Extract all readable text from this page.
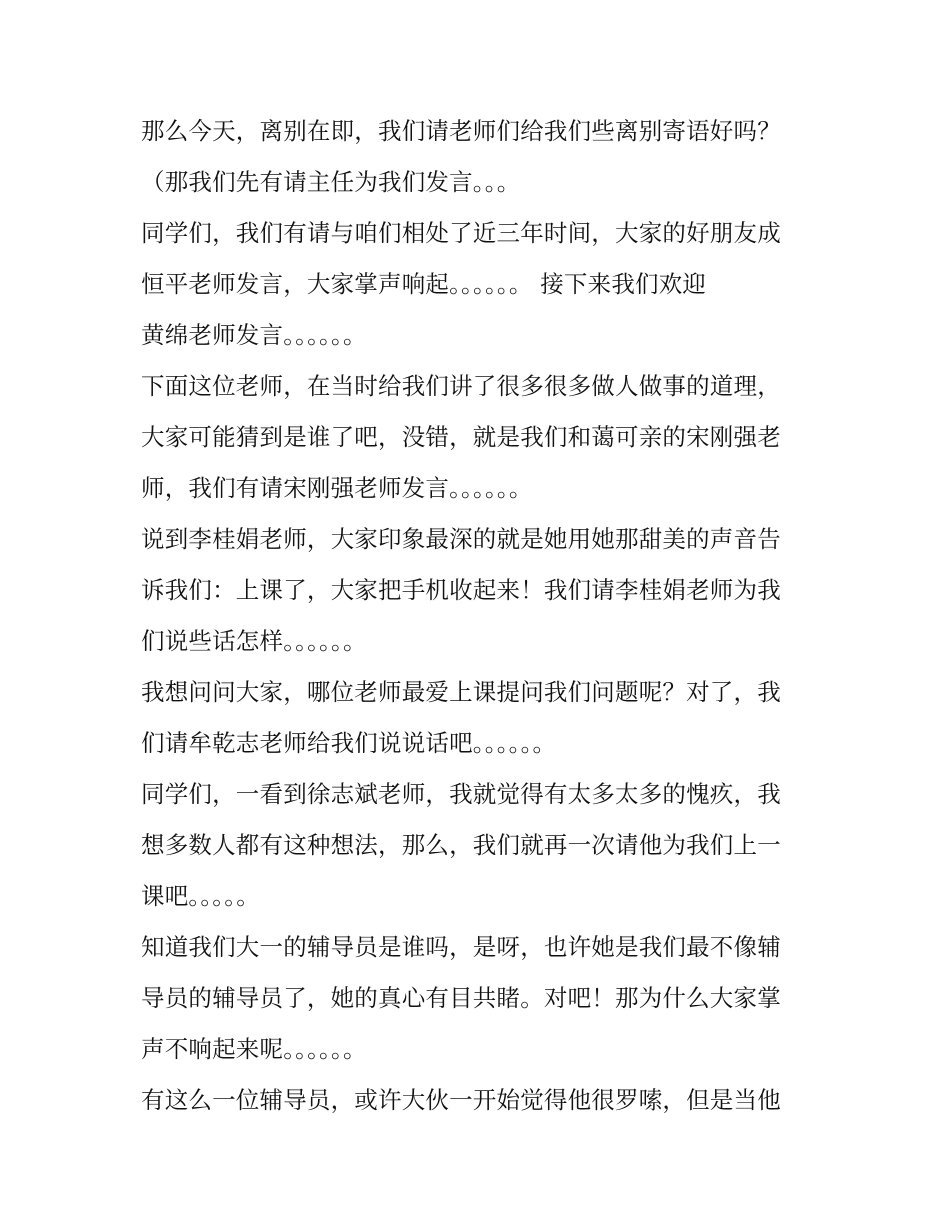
那么今天，离别在即，我们请老师们给我们些离别寄语好吗？
（那我们先有请主任为我们发言。。。
同学们，我们有请与咱们相处了近三年时间，大家的好朋友成
恒平老师发言，大家掌声响起。。。。。。 接下来我们欢迎
黄绵老师发言。。。。。。
下面这位老师，在当时给我们讲了很多很多做人做事的道理，
大家可能猜到是谁了吧，没错，就是我们和蔼可亲的宋刚强老
师，我们有请宋刚强老师发言。。。。。。
说到李桂娟老师，大家印象最深的就是她用她那甜美的声音告
诉我们：上课了，大家把手机收起来！我们请李桂娟老师为我
们说些话怎样。。。。。。
我想问问大家，哪位老师最爱上课提问我们问题呢？对了，我
们请牟乾志老师给我们说说话吧。。。。。。
同学们，一看到徐志斌老师，我就觉得有太多太多的愧疚，我
想多数人都有这种想法，那么，我们就再一次请他为我们上一
课吧。。。。。
知道我们大一的辅导员是谁吗，是呀，也许她是我们最不像辅
导员的辅导员了，她的真心有目共睹。对吧！那为什么大家掌
声不响起来呢。。。。。。
有这么一位辅导员，或许大伙一开始觉得他很罗嗦，但是当他
